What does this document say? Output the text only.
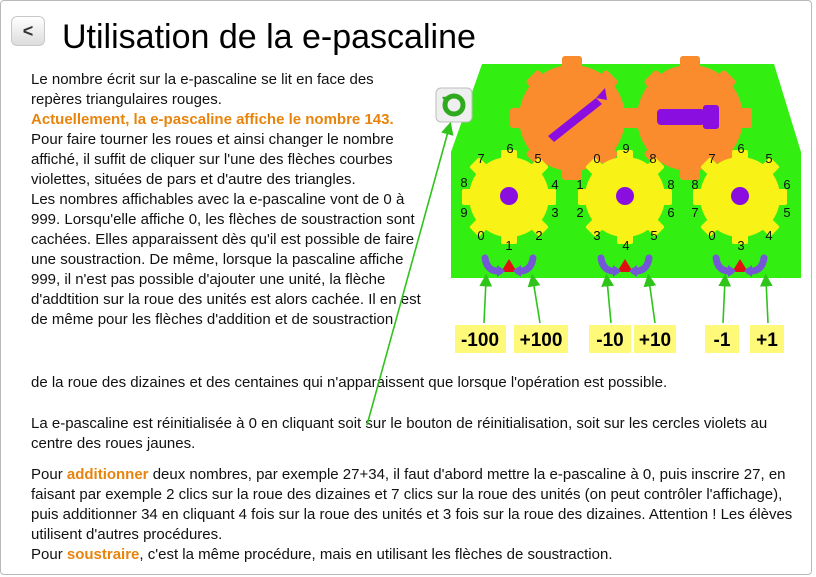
< Utilisation de la e-pascaline
Le nombre écrit sur la e-pascaline se lit en face des repères triangulaires rouges.
Actuellement, la e-pascaline affiche le nombre 143.
Pour faire tourner les roues et ainsi changer le nombre affiché, il suffit de cliquer sur l'une des flèches courbes violettes, situées de pars et d'autre des triangles.
Les nombres affichables avec la e-pascaline vont de 0 à 999. Lorsqu'elle affiche 0, les flèches de soustraction sont cachées. Elles apparaissent dès qu'il est possible de faire une soustraction. De même, lorsque la pascaline affiche 999, il n'est pas possible d'ajouter une unité, la flèche d'addtition sur la roue des unités est alors cachée. Il en est de même pour les flèches d'addition et de soustraction
de la roue des dizaines et des centaines qui n'apparaissent que lorsque l'opération est possible.
La e-pascaline est réinitialisée à 0 en cliquant soit sur le bouton de réinitialisation, soit sur les cercles violets au centre des roues jaunes.
Pour additionner deux nombres, par exemple 27+34, il faut d'abord mettre la e-pascaline à 0, puis inscrire 27, en faisant par exemple 2 clics sur la roue des dizaines et 7 clics sur la roue des unités (on peut contrôler l'affichage), puis additionner 34 en cliquant 4 fois sur la roue des unités et 3 fois sur la roue des dizaines. Attention ! Les élèves utilisent d'autres procédures.
Pour soustraire, c'est la même procédure, mais en utilisant les flèches de soustraction.
7
6
5
8	4
9	3
0
1
2
0
9
8
1	8
2	6
3
4
5
7
6
5
8	6
7	5
0
3
4
-100 +100 -10 +10 -1 +1
